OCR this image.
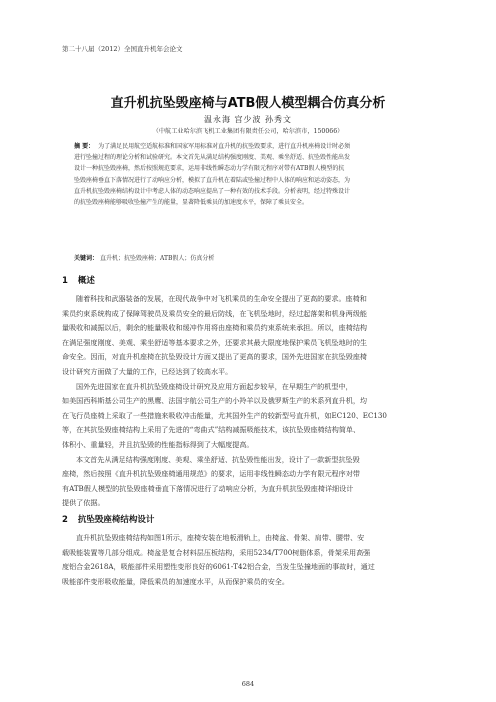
第二十八届（2012）全国直升机年会论文
直升机抗坠毁座椅与ATB假人模型耦合仿真分析
温永海 宫少波 孙秀文
（中航工业哈尔滨飞机工业集团有限责任公司，哈尔滨市，150066）
摘 要： 为了满足民用航空适航标准和国家军用标准对直升机的抗坠毁要求，进行直升机座椅设计时必须
进行坠撞过程的理论分析和试验研究。本文首先从满足结构强度刚度、美观、乘坐舒适、抗坠毁性能出发
设计一种抗坠毁座椅，然后按照规范要求，运用非线性瞬态动力学有限元程序对带有ATB假人模型的抗
坠毁座椅垂直下落情况进行了动响应分析，模拟了直升机在着陆或坠撞过程中人体的响应和运动姿态，为
直升机抗坠毁座椅结构设计中考虑人体的动态响应提出了一种有效的技术手段。分析表明，经过特殊设计
的抗坠毁座椅能够吸收坠撞产生的能量，显著降低乘员的加速度水平，保障了乘员安全。
关键词： 直升机；抗坠毁座椅；ATB假人；仿真分析
1 概述
随着科技和武器装备的发展，在现代战争中对飞机乘员的生命安全提出了更高的要求。座椅和
乘员约束系统构成了保障驾驶员及乘员安全的最后防线，在飞机坠地时，经过起落架和机身两级能
量吸收和减振以后，剩余的能量吸收和缓冲作用将由座椅和乘员约束系统来承担。所以，座椅结构
在满足强度刚度、美观、乘坐舒适等基本要求之外，还要求其最大限度地保护乘员飞机坠地时的生
命安全。因而，对直升机座椅在抗坠毁设计方面又提出了更高的要求，国外先进国家在抗坠毁座椅
设计研究方面做了大量的工作，已经达到了较高水平。
国外先进国家在直升机抗坠毁座椅设计研究及应用方面起步较早，在早期生产的机型中，
如美国西科斯基公司生产的黑鹰、法国宇航公司生产的小羚羊以及俄罗斯生产的米系列直升机，均
在飞行员座椅上采取了一些措施来吸收冲击能量，尤其国外生产的较新型号直升机，如EC120、EC130
等，在其抗坠毁座椅结构上采用了先进的“弯曲式”结构减振吸能技术，该抗坠毁座椅结构简单、
体积小、重量轻，并且抗坠毁的性能指标得到了大幅度提高。
本文首先从满足结构强度刚度、美观、乘坐舒适、抗坠毁性能出发，设计了一款新型抗坠毁
座椅，然后按照《直升机抗坠毁座椅通用规范》的要求，运用非线性瞬态动力学有限元程序对带
有ATB假人模型的抗坠毁座椅垂直下落情况进行了动响应分析，为直升机抗坠毁座椅详细设计
提供了依据。
2 抗坠毁座椅结构设计
直升机抗坠毁座椅结构如图1所示，座椅安装在地板滑轨上，由椅盆、骨架、肩带、腰带、安
载吸能装置等几部分组成。椅盆是复合材料层压板结构，采用5234/T700树脂体系，骨架采用高强
度铝合金2618A，吸能部件采用塑性变形良好的6061-T42铝合金，当发生坠撞地面的事故时，通过
吸能部件变形吸收能量，降低乘员的加速度水平，从而保护乘员的安全。
684
